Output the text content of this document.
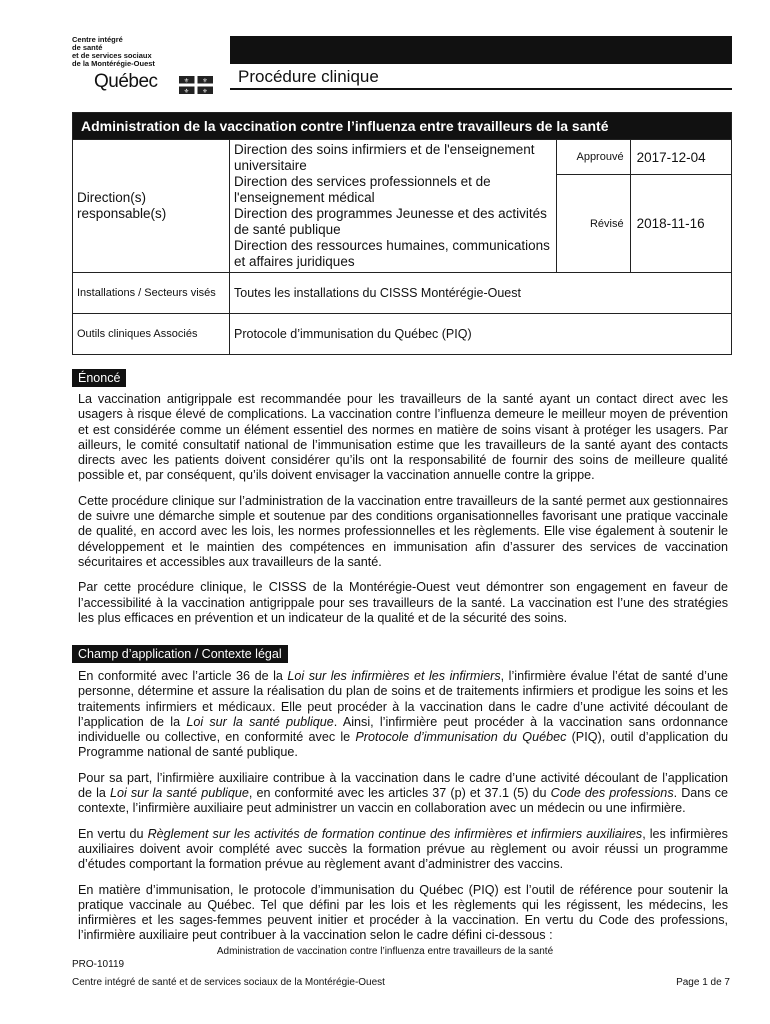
Centre intégré
de santé
et de services sociaux
de la Montérégie-Ouest
Québec	⚜ ⚜
⚜ ⚜
Procédure clinique
Administration de la vaccination contre l’influenza entre travailleurs de la santé			
Direction(s) responsable(s)	Direction des soins infirmiers et de l'enseignement universitaire
Direction des services professionnels et de l'enseignement médical
Direction des programmes Jeunesse et des activités de santé publique
Direction des ressources humaines, communications et affaires juridiques	Approuvé	2017-12-04
		Révisé	2018-11-16
Installations / Secteurs visés	Toutes les installations du CISSS Montérégie-Ouest		
Outils cliniques Associés	Protocole d’immunisation du Québec (PIQ)		
Énoncé

La vaccination antigrippale est recommandée pour les travailleurs de la santé ayant un contact direct avec les usagers à risque élevé de complications. La vaccination contre l’influenza demeure le meilleur moyen de prévention et est considérée comme un élément essentiel des normes en matière de soins visant à protéger les usagers. Par ailleurs, le comité consultatif national de l’immunisation estime que les travailleurs de la santé ayant des contacts directs avec les patients doivent considérer qu’ils ont la responsabilité de fournir des soins de meilleure qualité possible et, par conséquent, qu’ils doivent envisager la vaccination annuelle contre la grippe.

Cette procédure clinique sur l’administration de la vaccination entre travailleurs de la santé permet aux gestionnaires de suivre une démarche simple et soutenue par des conditions organisationnelles favorisant une pratique vaccinale de qualité, en accord avec les lois, les normes professionnelles et les règlements. Elle vise également à soutenir le développement et le maintien des compétences en immunisation afin d’assurer des services de vaccination sécuritaires et accessibles aux travailleurs de la santé.

Par cette procédure clinique, le CISSS de la Montérégie-Ouest veut démontrer son engagement en faveur de l’accessibilité à la vaccination antigrippale pour ses travailleurs de la santé. La vaccination est l’une des stratégies les plus efficaces en prévention et un indicateur de la qualité et de la sécurité des soins.

Champ d’application / Contexte légal

En conformité avec l’article 36 de la Loi sur les infirmières et les infirmiers, l’infirmière évalue l’état de santé d’une personne, détermine et assure la réalisation du plan de soins et de traitements infirmiers et prodigue les soins et les traitements infirmiers et médicaux. Elle peut procéder à la vaccination dans le cadre d’une activité découlant de l’application de la Loi sur la santé publique. Ainsi, l’infirmière peut procéder à la vaccination sans ordonnance individuelle ou collective, en conformité avec le Protocole d’immunisation du Québec (PIQ), outil d’application du Programme national de santé publique.

Pour sa part, l’infirmière auxiliaire contribue à la vaccination dans le cadre d’une activité découlant de l’application de la Loi sur la santé publique, en conformité avec les articles 37 (p) et 37.1 (5) du Code des professions. Dans ce contexte, l’infirmière auxiliaire peut administrer un vaccin en collaboration avec un médecin ou une infirmière.

En vertu du Règlement sur les activités de formation continue des infirmières et infirmiers auxiliaires, les infirmières auxiliaires doivent avoir complété avec succès la formation prévue au règlement ou avoir réussi un programme d’études comportant la formation prévue au règlement avant d’administrer des vaccins.

En matière d’immunisation, le protocole d’immunisation du Québec (PIQ) est l’outil de référence pour soutenir la pratique vaccinale au Québec. Tel que défini par les lois et les règlements qui les régissent, les médecins, les infirmières et les sages-femmes peuvent initier et procéder à la vaccination. En vertu du Code des professions, l’infirmière auxiliaire peut contribuer à la vaccination selon le cadre défini ci-dessous :

Administration de vaccination contre l’influenza entre travailleurs de la santé
PRO-10119
Centre intégré de santé et de services sociaux de la Montérégie-Ouest	Page 1 de 7
